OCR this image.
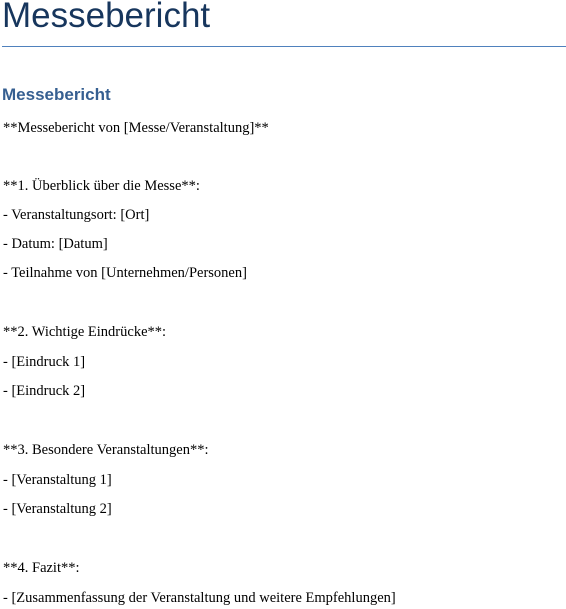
Messebericht
Messebericht

**Messebericht von [Messe/Veranstaltung]**

**1. Überblick über die Messe**:

- Veranstaltungsort: [Ort]

- Datum: [Datum]

- Teilnahme von [Unternehmen/Personen]

**2. Wichtige Eindrücke**:

- [Eindruck 1]

- [Eindruck 2]

**3. Besondere Veranstaltungen**:

- [Veranstaltung 1]

- [Veranstaltung 2]

**4. Fazit**:

- [Zusammenfassung der Veranstaltung und weitere Empfehlungen]
